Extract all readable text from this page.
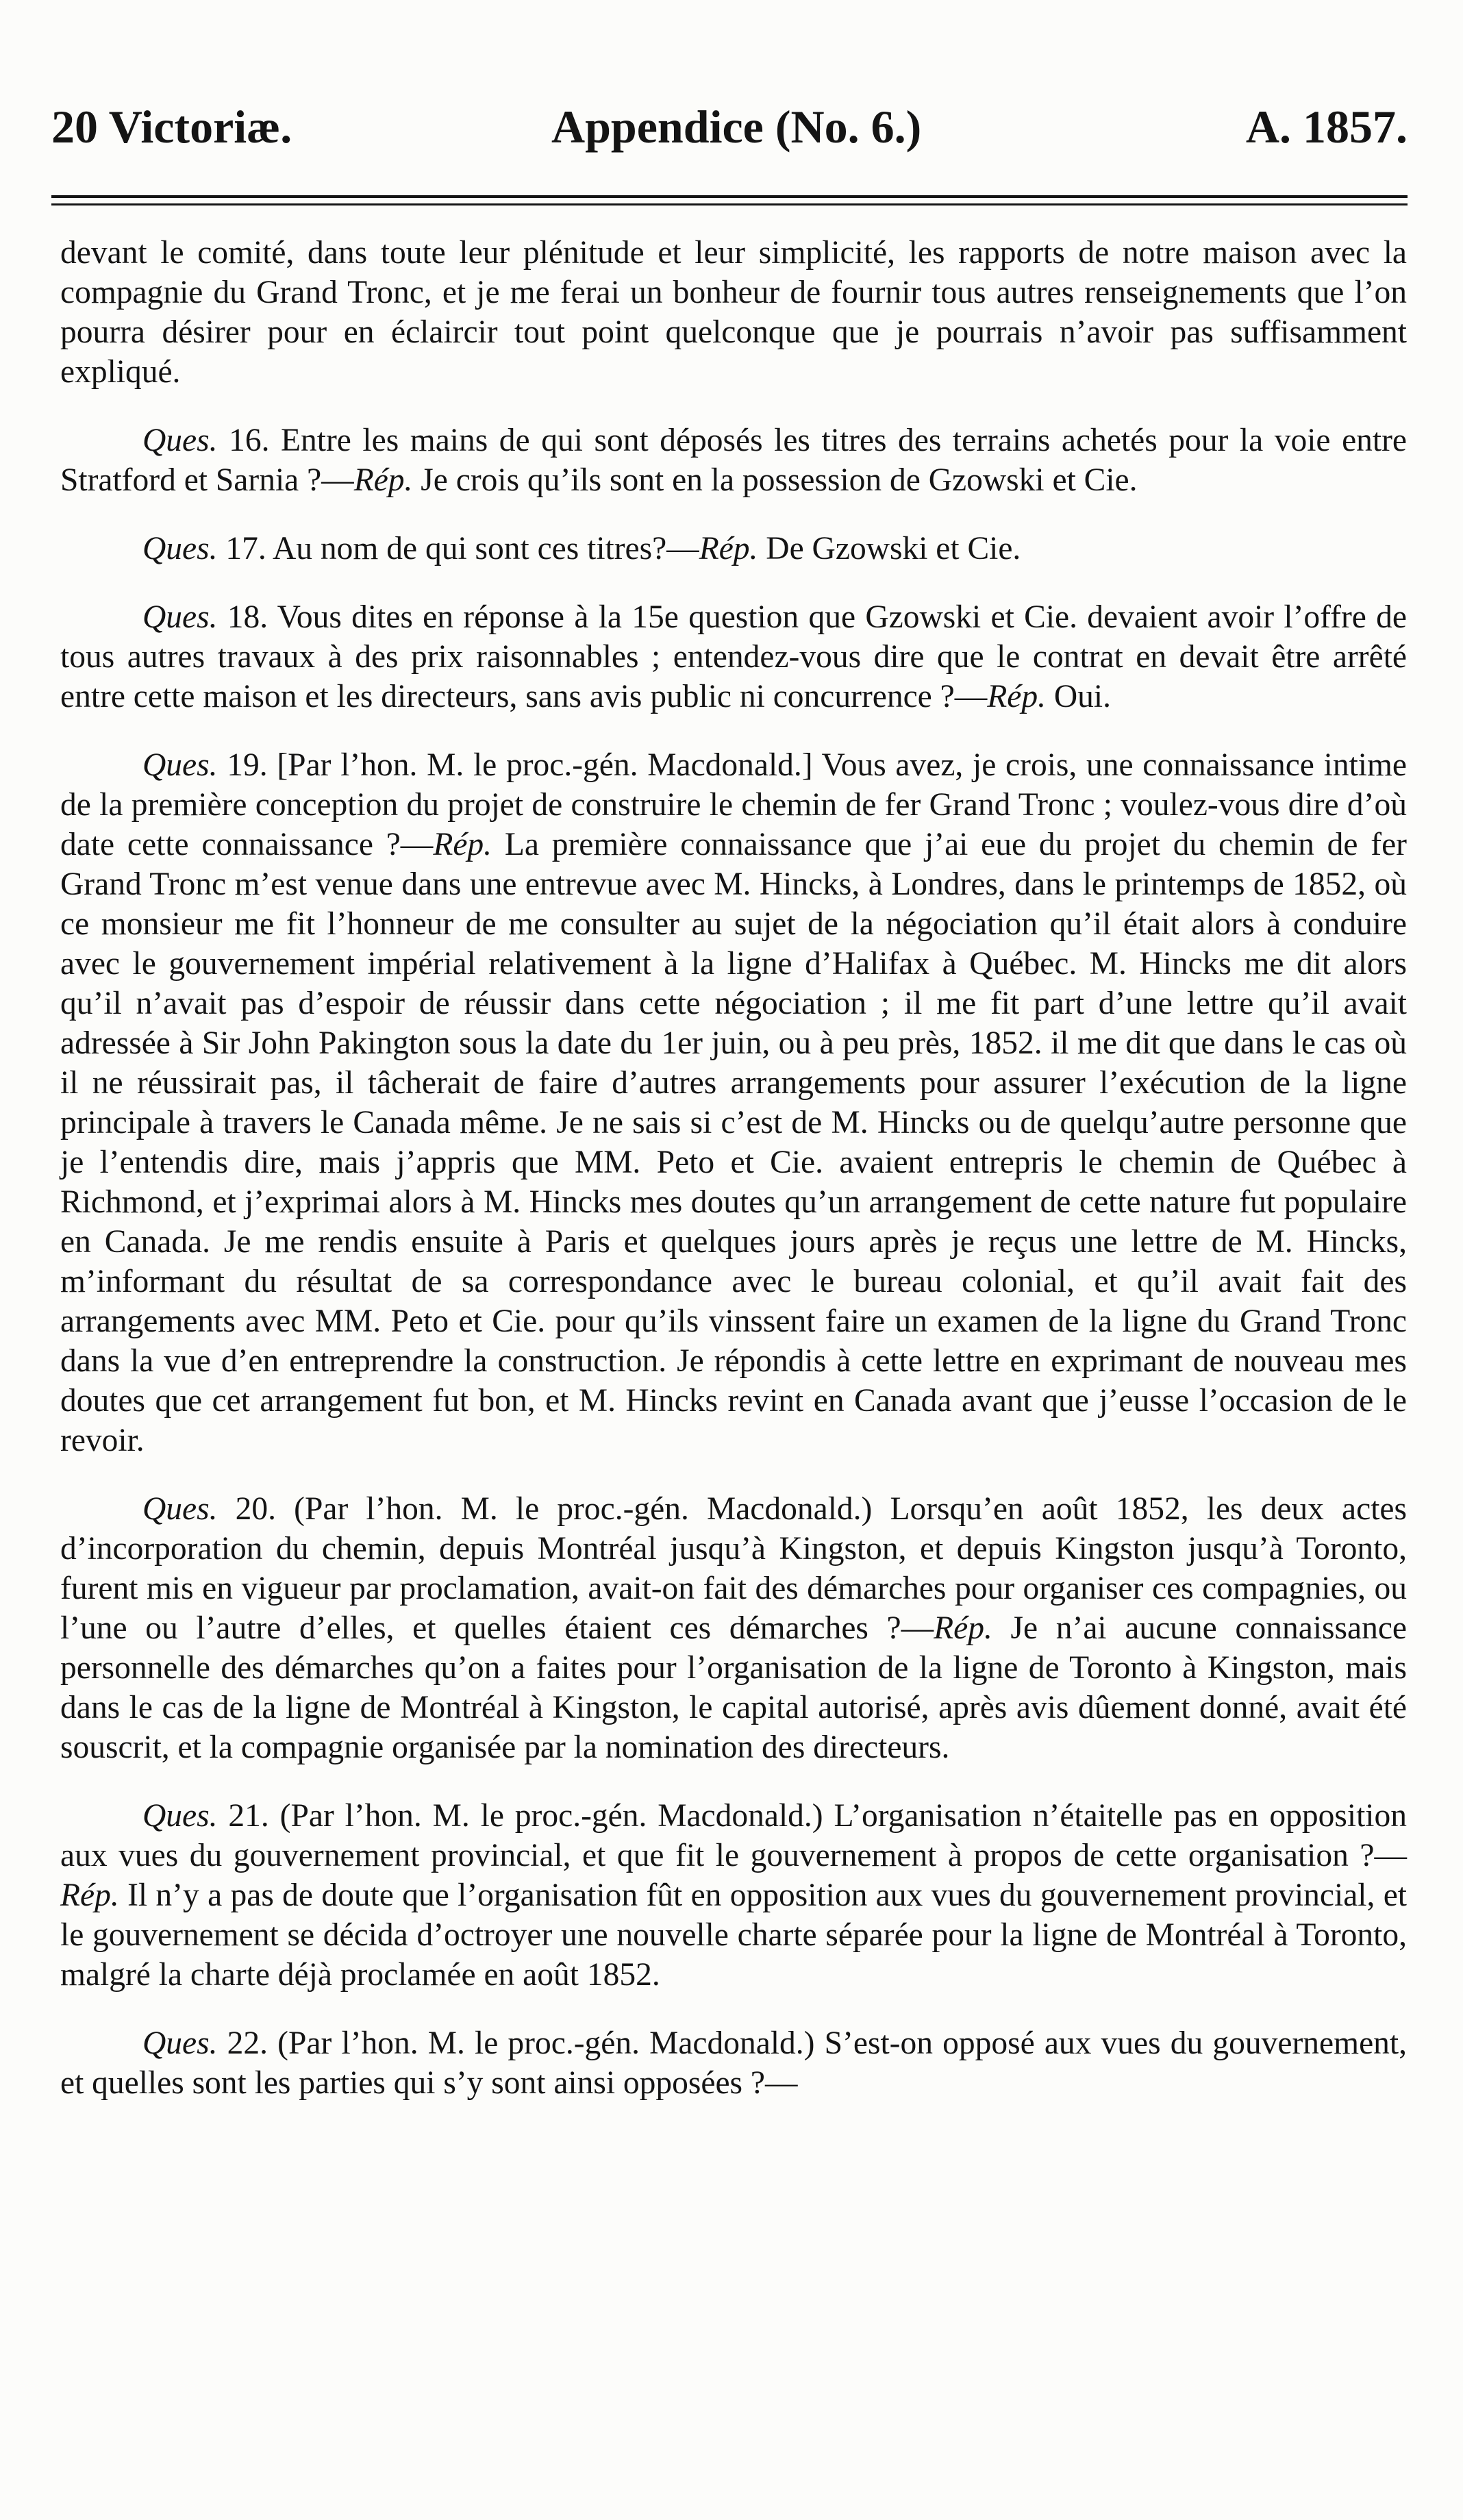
20 Victoriæ.	Appendice (No. 6.)	A. 1857.

devant le comité, dans toute leur plénitude et leur simplicité, les rapports de notre maison avec la compagnie du Grand Tronc, et je me ferai un bonheur de fournir tous autres renseignements que l’on pourra désirer pour en éclaircir tout point quelconque que je pourrais n’avoir pas suffisamment expliqué.

Ques. 16. Entre les mains de qui sont déposés les titres des terrains achetés pour la voie entre Stratford et Sarnia ?—Rép. Je crois qu’ils sont en la possession de Gzowski et Cie.

Ques. 17. Au nom de qui sont ces titres?—Rép. De Gzowski et Cie.

Ques. 18. Vous dites en réponse à la 15e question que Gzowski et Cie. devaient avoir l’offre de tous autres travaux à des prix raisonnables ; entendez-vous dire que le contrat en devait être arrêté entre cette maison et les directeurs, sans avis public ni concurrence ?—Rép. Oui.

Ques. 19. [Par l’hon. M. le proc.-gén. Macdonald.] Vous avez, je crois, une connaissance intime de la première conception du projet de construire le chemin de fer Grand Tronc ; voulez-vous dire d’où date cette connaissance ?—Rép. La première connaissance que j’ai eue du projet du chemin de fer Grand Tronc m’est venue dans une entrevue avec M. Hincks, à Londres, dans le printemps de 1852, où ce monsieur me fit l’honneur de me consulter au sujet de la négociation qu’il était alors à conduire avec le gouvernement impérial relativement à la ligne d’Halifax à Québec. M. Hincks me dit alors qu’il n’avait pas d’espoir de réussir dans cette négociation ; il me fit part d’une lettre qu’il avait adressée à Sir John Pakington sous la date du 1er juin, ou à peu près, 1852. il me dit que dans le cas où il ne réussirait pas, il tâcherait de faire d’autres arrangements pour assurer l’exécution de la ligne principale à travers le Canada même. Je ne sais si c’est de M. Hincks ou de quelqu’autre personne que je l’entendis dire, mais j’appris que MM. Peto et Cie. avaient entrepris le chemin de Québec à Richmond, et j’exprimai alors à M. Hincks mes doutes qu’un arrangement de cette nature fut populaire en Canada. Je me rendis ensuite à Paris et quelques jours après je reçus une lettre de M. Hincks, m’informant du résultat de sa correspondance avec le bureau colonial, et qu’il avait fait des arrangements avec MM. Peto et Cie. pour qu’ils vinssent faire un examen de la ligne du Grand Tronc dans la vue d’en entreprendre la construction. Je répondis à cette lettre en exprimant de nouveau mes doutes que cet arrangement fut bon, et M. Hincks revint en Canada avant que j’eusse l’occasion de le revoir.

Ques. 20. (Par l’hon. M. le proc.-gén. Macdonald.) Lorsqu’en août 1852, les deux actes d’incorporation du chemin, depuis Montréal jusqu’à Kingston, et depuis Kingston jusqu’à Toronto, furent mis en vigueur par proclamation, avait-on fait des démarches pour organiser ces compagnies, ou l’une ou l’autre d’elles, et quelles étaient ces démarches ?—Rép. Je n’ai aucune connaissance personnelle des démarches qu’on a faites pour l’organisation de la ligne de Toronto à Kingston, mais dans le cas de la ligne de Montréal à Kingston, le capital autorisé, après avis dûement donné, avait été souscrit, et la compagnie organisée par la nomination des directeurs.

Ques. 21. (Par l’hon. M. le proc.-gén. Macdonald.) L’organisation n’étaitelle pas en opposition aux vues du gouvernement provincial, et que fit le gouvernement à propos de cette organisation ?—Rép. Il n’y a pas de doute que l’organisation fût en opposition aux vues du gouvernement provincial, et le gouvernement se décida d’octroyer une nouvelle charte séparée pour la ligne de Montréal à Toronto, malgré la charte déjà proclamée en août 1852.

Ques. 22. (Par l’hon. M. le proc.-gén. Macdonald.) S’est-on opposé aux vues du gouvernement, et quelles sont les parties qui s’y sont ainsi opposées ?—
